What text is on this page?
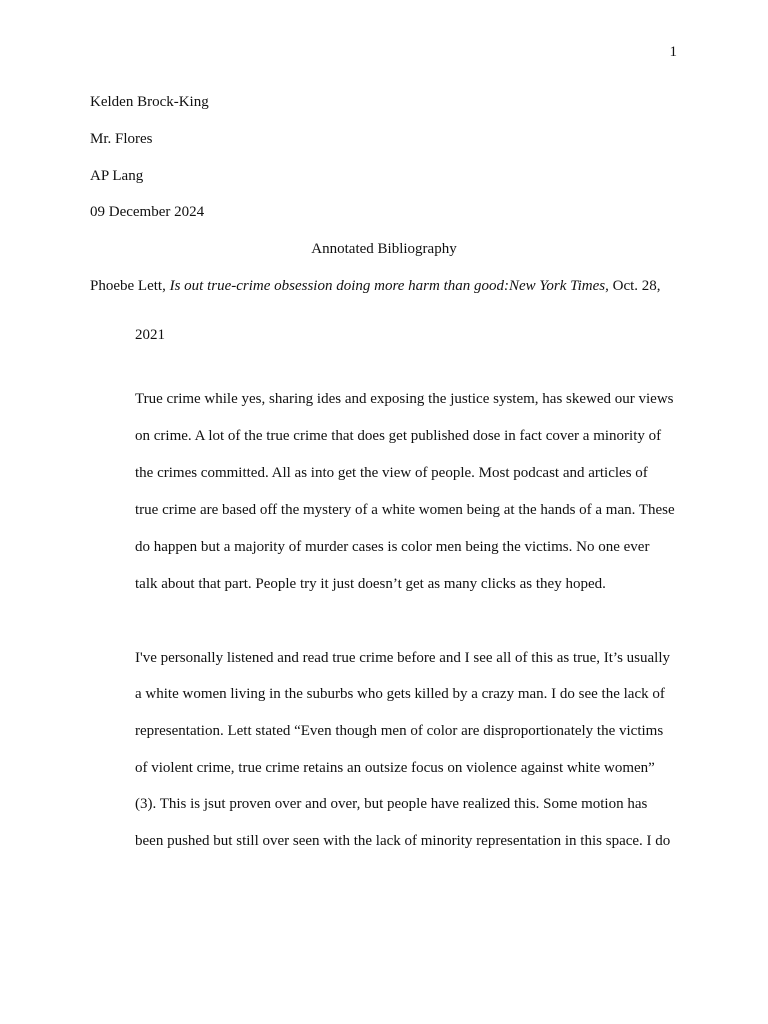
1
Kelden Brock-King
Mr. Flores
AP Lang
09 December 2024
Annotated Bibliography
Phoebe Lett, Is out true-crime obsession doing more harm than good:New York Times, Oct. 28,
2021
True crime while yes, sharing ides and exposing the justice system, has skewed our views
on crime. A lot of the true crime that does get published dose in fact cover a minority of
the crimes committed. All as into get the view of people. Most podcast and articles of
true crime are based off the mystery of a white women being at the hands of a man. These
do happen but a majority of murder cases is color men being the victims. No one ever
talk about that part. People try it just doesn’t get as many clicks as they hoped.
I've personally listened and read true crime before and I see all of this as true, It’s usually
a white women living in the suburbs who gets killed by a crazy man. I do see the lack of
representation. Lett stated “Even though men of color are disproportionately the victims
of violent crime, true crime retains an outsize focus on violence against white women”
(3). This is jsut proven over and over, but people have realized this. Some motion has
been pushed but still over seen with the lack of minority representation in this space. I do
